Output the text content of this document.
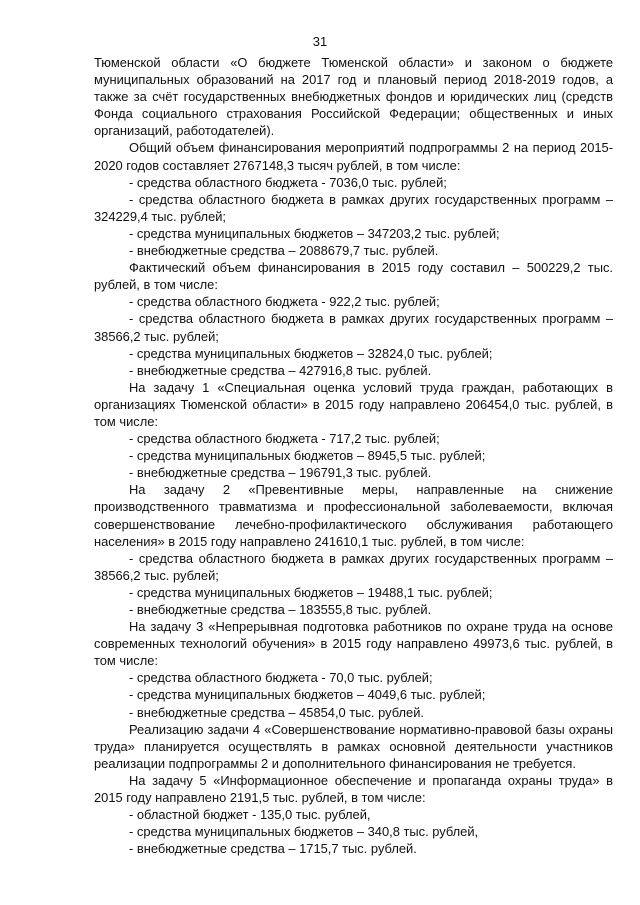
31

Тюменской области «О бюджете Тюменской области» и законом о бюджете муниципальных образований на 2017 год и плановый период 2018-2019 годов, а также за счёт государственных внебюджетных фондов и юридических лиц (средств Фонда социального страхования Российской Федерации; общественных и иных организаций, работодателей).

Общий объем финансирования мероприятий подпрограммы 2 на период 2015-2020 годов составляет 2767148,3 тысяч рублей, в том числе:

- средства областного бюджета - 7036,0 тыс. рублей;

- средства областного бюджета в рамках других государственных программ – 324229,4 тыс. рублей;

- средства муниципальных бюджетов – 347203,2 тыс. рублей;

- внебюджетные средства – 2088679,7 тыс. рублей.

Фактический объем финансирования в 2015 году составил – 500229,2 тыс. рублей, в том числе:

- средства областного бюджета - 922,2 тыс. рублей;

- средства областного бюджета в рамках других государственных программ – 38566,2 тыс. рублей;

- средства муниципальных бюджетов – 32824,0 тыс. рублей;

- внебюджетные средства – 427916,8 тыс. рублей.

На задачу 1 «Специальная оценка условий труда граждан, работающих в организациях Тюменской области» в 2015 году направлено 206454,0 тыс. рублей, в том числе:

- средства областного бюджета - 717,2 тыс. рублей;

- средства муниципальных бюджетов – 8945,5 тыс. рублей;

- внебюджетные средства – 196791,3 тыс. рублей.

На задачу 2 «Превентивные меры, направленные на снижение производственного травматизма и профессиональной заболеваемости, включая совершенствование лечебно-профилактического обслуживания работающего населения» в 2015 году направлено 241610,1 тыс. рублей, в том числе:

- средства областного бюджета в рамках других государственных программ – 38566,2 тыс. рублей;

- средства муниципальных бюджетов – 19488,1 тыс. рублей;

- внебюджетные средства – 183555,8 тыс. рублей.

На задачу 3 «Непрерывная подготовка работников по охране труда на основе современных технологий обучения» в 2015 году направлено 49973,6 тыс. рублей, в том числе:

- средства областного бюджета - 70,0 тыс. рублей;

- средства муниципальных бюджетов – 4049,6 тыс. рублей;

- внебюджетные средства – 45854,0 тыс. рублей.

Реализацию задачи 4 «Совершенствование нормативно-правовой базы охраны труда» планируется осуществлять в рамках основной деятельности участников реализации подпрограммы 2 и дополнительного финансирования не требуется.

На задачу 5 «Информационное обеспечение и пропаганда охраны труда» в 2015 году направлено 2191,5 тыс. рублей, в том числе:

- областной бюджет - 135,0 тыс. рублей,

- средства муниципальных бюджетов – 340,8 тыс. рублей,

- внебюджетные средства – 1715,7 тыс. рублей.
